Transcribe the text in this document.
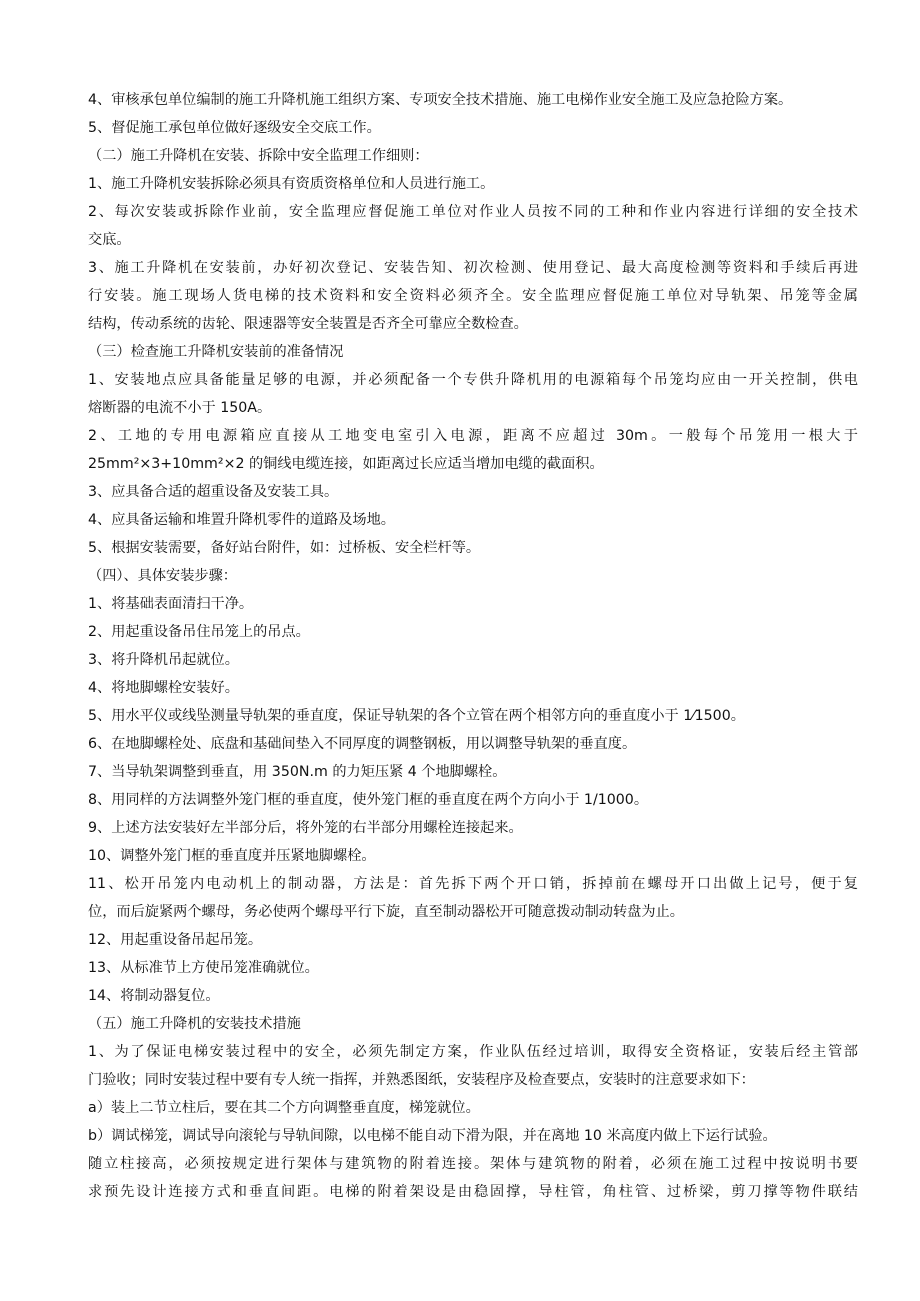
4、审核承包单位编制的施工升降机施工组织方案、专项安全技术措施、施工电梯作业安全施工及应急抢险方案。
5、督促施工承包单位做好逐级安全交底工作。
（二）施工升降机在安装、拆除中安全监理工作细则：
1、施工升降机安装拆除必须具有资质资格单位和人员进行施工。
2、每次安装或拆除作业前，安全监理应督促施工单位对作业人员按不同的工种和作业内容进行详细的安全技术
交底。
3、施工升降机在安装前，办好初次登记、安装告知、初次检测、使用登记、最大高度检测等资料和手续后再进
行安装。施工现场人货电梯的技术资料和安全资料必须齐全。安全监理应督促施工单位对导轨架、吊笼等金属
结构，传动系统的齿轮、限速器等安全装置是否齐全可靠应全数检查。
（三）检查施工升降机安装前的准备情况
1、安装地点应具备能量足够的电源，并必须配备一个专供升降机用的电源箱每个吊笼均应由一开关控制，供电
熔断器的电流不小于 150A。
2、工地的专用电源箱应直接从工地变电室引入电源，距离不应超过 30m。一般每个吊笼用一根大于
25mm²×3+10mm²×2 的铜线电缆连接，如距离过长应适当增加电缆的截面积。
3、应具备合适的超重设备及安装工具。
4、应具备运输和堆置升降机零件的道路及场地。
5、根据安装需要，备好站台附件，如：过桥板、安全栏杆等。
（四）、具体安装步骤：
1、将基础表面清扫干净。
2、用起重设备吊住吊笼上的吊点。
3、将升降机吊起就位。
4、将地脚螺栓安装好。
5、用水平仪或线坠测量导轨架的垂直度，保证导轨架的各个立管在两个相邻方向的垂直度小于 1⁄1500。
6、在地脚螺栓处、底盘和基础间垫入不同厚度的调整钢板，用以调整导轨架的垂直度。
7、当导轨架调整到垂直，用 350N.m 的力矩压紧 4 个地脚螺栓。
8、用同样的方法调整外笼门框的垂直度，使外笼门框的垂直度在两个方向小于 1/1000。
9、上述方法安装好左半部分后，将外笼的右半部分用螺栓连接起来。
10、调整外笼门框的垂直度并压紧地脚螺栓。
11、松开吊笼内电动机上的制动器，方法是：首先拆下两个开口销，拆掉前在螺母开口出做上记号，便于复
位，而后旋紧两个螺母，务必使两个螺母平行下旋，直至制动器松开可随意拨动制动转盘为止。
12、用起重设备吊起吊笼。
13、从标准节上方使吊笼准确就位。
14、将制动器复位。
（五）施工升降机的安装技术措施
1、为了保证电梯安装过程中的安全，必须先制定方案，作业队伍经过培训，取得安全资格证，安装后经主管部
门验收；同时安装过程中要有专人统一指挥，并熟悉图纸，安装程序及检查要点，安装时的注意要求如下：
a）装上二节立柱后，要在其二个方向调整垂直度，梯笼就位。
b）调试梯笼，调试导向滚轮与导轨间隙，以电梯不能自动下滑为限，并在离地 10 米高度内做上下运行试验。
随立柱接高，必须按规定进行架体与建筑物的附着连接。架体与建筑物的附着，必须在施工过程中按说明书要
求预先设计连接方式和垂直间距。电梯的附着架设是由稳固撑，导柱管，角柱管、过桥梁，剪刀撑等物件联结
